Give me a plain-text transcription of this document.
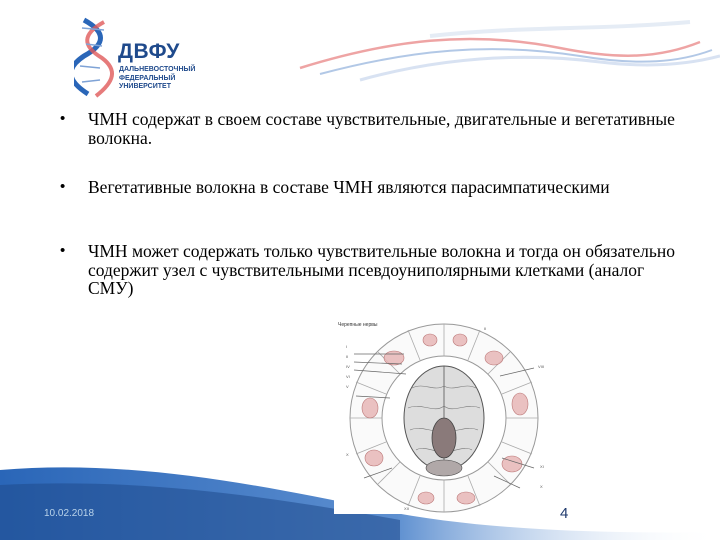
ДВФУ
ДАЛЬНЕВОСТОЧНЫЙ
ФЕДЕРАЛЬНЫЙ
УНИВЕРСИТЕТ
• ЧМН содержат в своем составе чувствительные, двигательные и вегетативные волокна.
• Вегетативные волокна в составе ЧМН являются парасимпатическими
• ЧМН может содержать только чувствительные волокна и тогда он обязательно содержит узел с чувствительными псевдоуниполярными клетками (аналог СМУ)
I
II
IV
VI
V
X
II
VIII
XI
XII
X
Черепные нервы
10.02.2018	4
